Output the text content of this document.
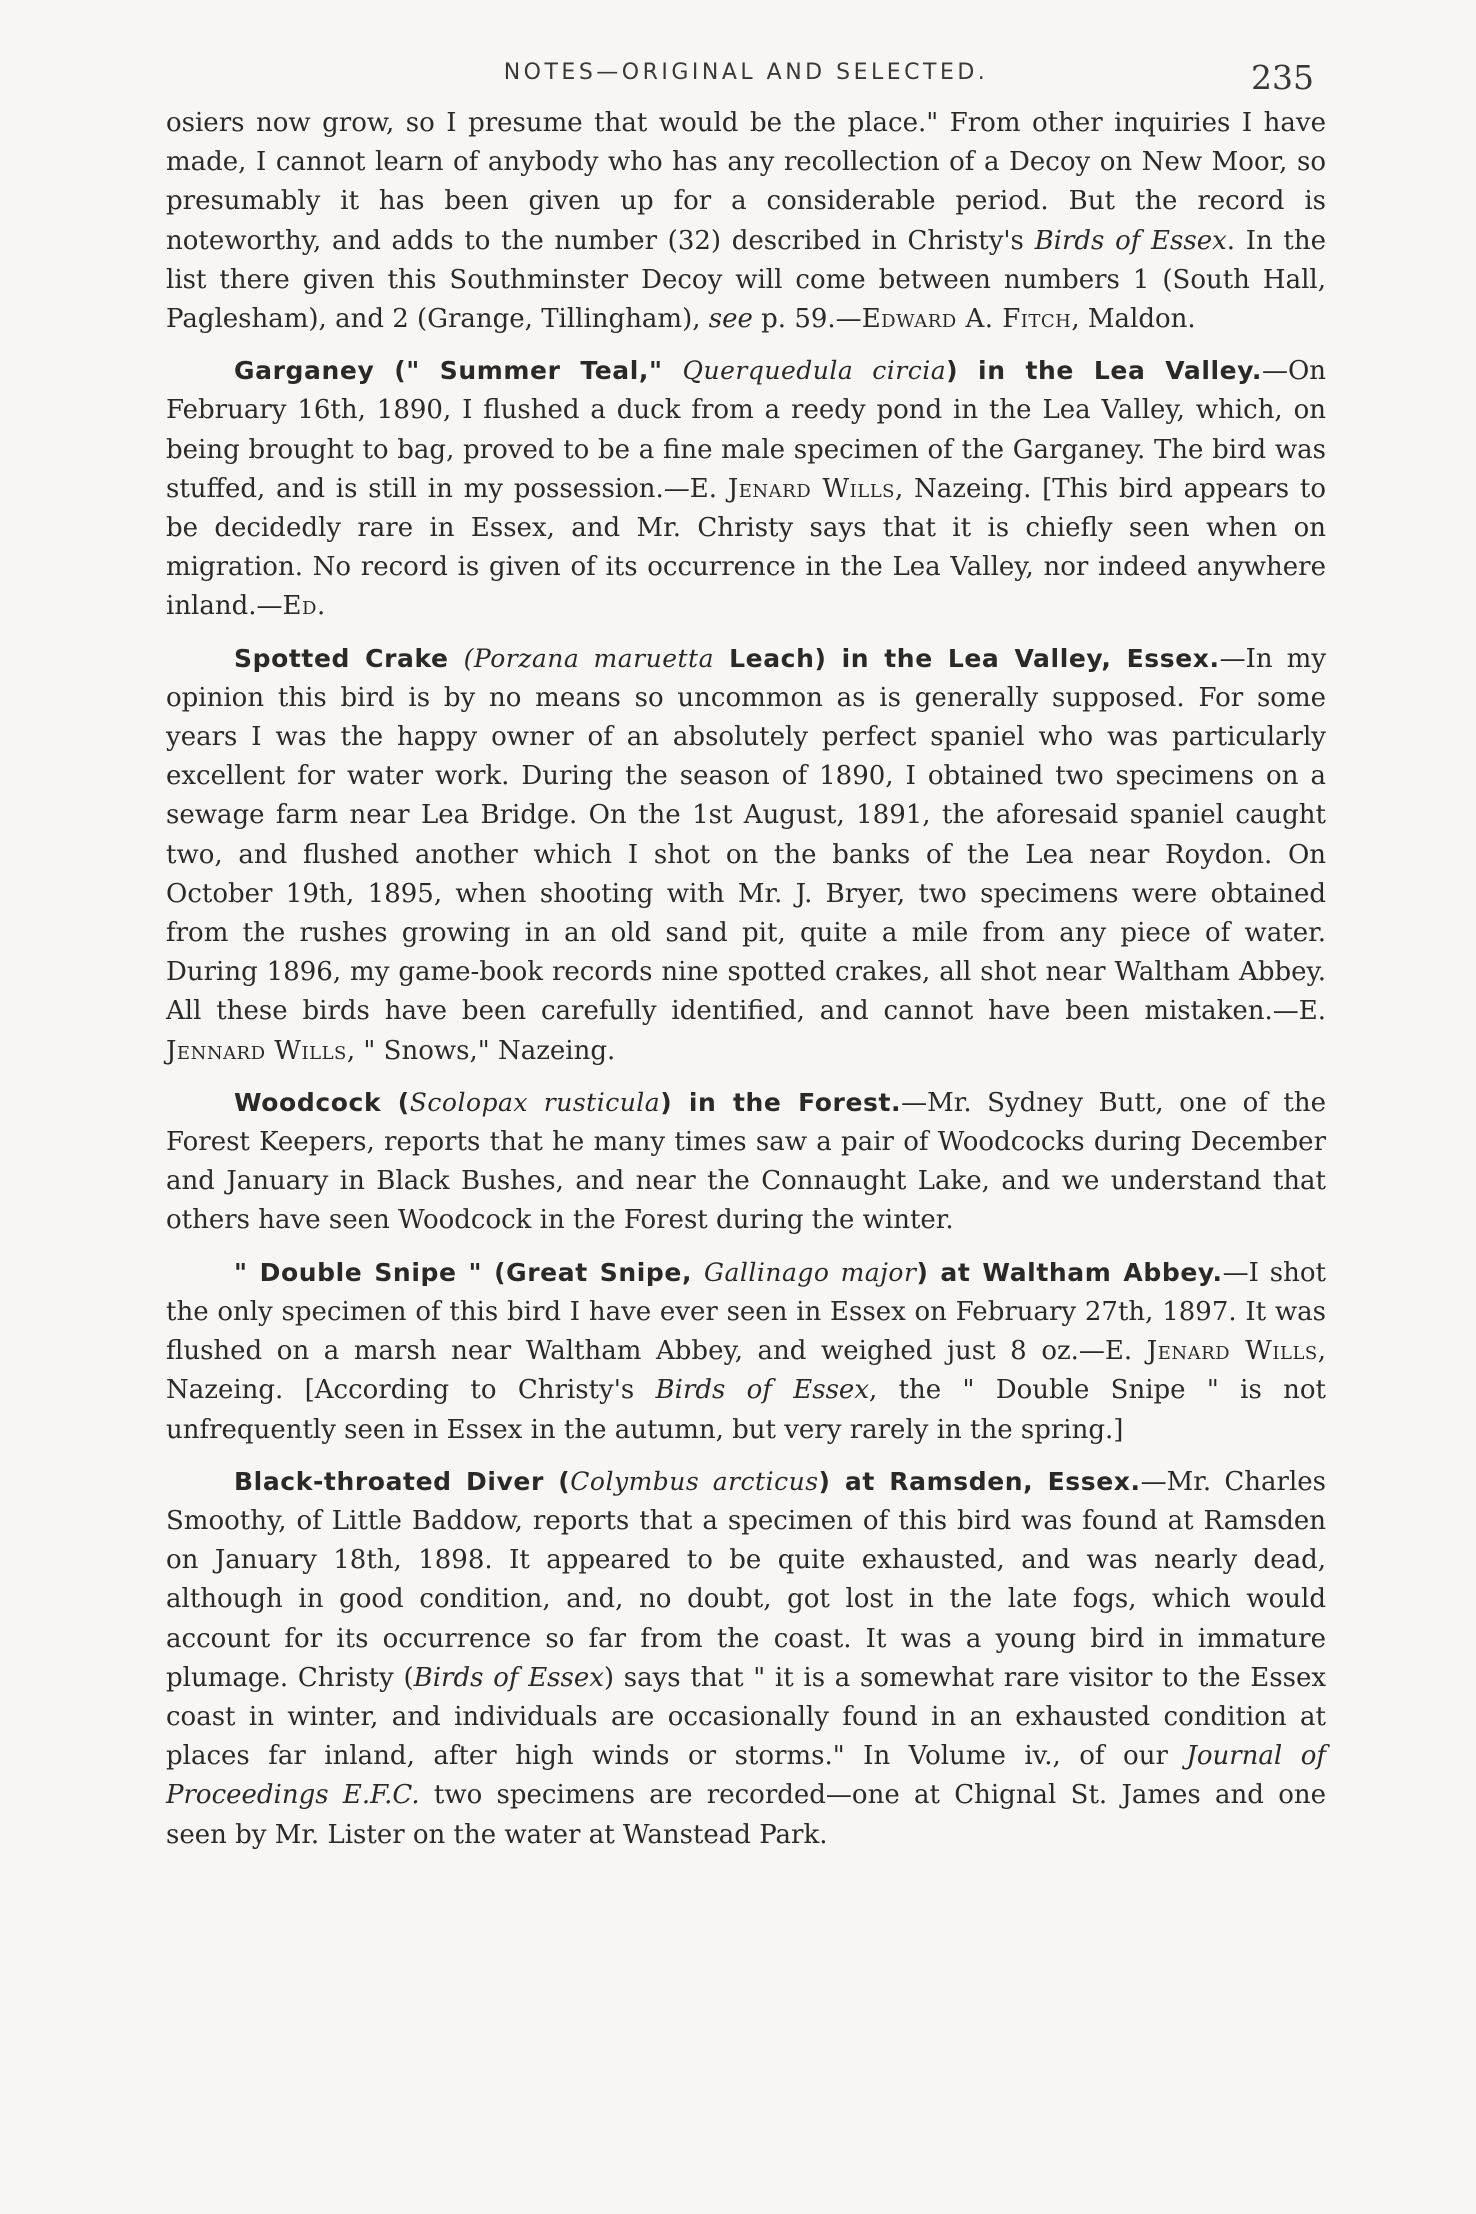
NOTES—ORIGINAL AND SELECTED.	235

osiers now grow, so I presume that would be the place." From other inquiries I have made, I cannot learn of anybody who has any recollection of a Decoy on New Moor, so presumably it has been given up for a considerable period. But the record is noteworthy, and adds to the number (32) described in Christy's Birds of Essex. In the list there given this Southminster Decoy will come between numbers 1 (South Hall, Paglesham), and 2 (Grange, Tillingham), see p. 59.—Edward A. Fitch, Maldon.

Garganey (" Summer Teal," Querquedula circia) in the Lea Valley.—On February 16th, 1890, I flushed a duck from a reedy pond in the Lea Valley, which, on being brought to bag, proved to be a fine male specimen of the Garganey. The bird was stuffed, and is still in my possession.—E. Jenard Wills, Nazeing. [This bird appears to be decidedly rare in Essex, and Mr. Christy says that it is chiefly seen when on migration. No record is given of its occurrence in the Lea Valley, nor indeed anywhere inland.—Ed.

Spotted Crake (Porzana maruetta Leach) in the Lea Valley, Essex.—In my opinion this bird is by no means so uncommon as is generally supposed. For some years I was the happy owner of an absolutely perfect spaniel who was particularly excellent for water work. During the season of 1890, I obtained two specimens on a sewage farm near Lea Bridge. On the 1st August, 1891, the aforesaid spaniel caught two, and flushed another which I shot on the banks of the Lea near Roydon. On October 19th, 1895, when shooting with Mr. J. Bryer, two specimens were obtained from the rushes growing in an old sand pit, quite a mile from any piece of water. During 1896, my game-book records nine spotted crakes, all shot near Waltham Abbey. All these birds have been carefully identified, and cannot have been mistaken.—E. Jennard Wills, " Snows," Nazeing.

Woodcock (Scolopax rusticula) in the Forest.—Mr. Sydney Butt, one of the Forest Keepers, reports that he many times saw a pair of Woodcocks during December and January in Black Bushes, and near the Connaught Lake, and we understand that others have seen Woodcock in the Forest during the winter.

" Double Snipe " (Great Snipe, Gallinago major) at Waltham Abbey.—I shot the only specimen of this bird I have ever seen in Essex on February 27th, 1897. It was flushed on a marsh near Waltham Abbey, and weighed just 8 oz.—E. Jenard Wills, Nazeing. [According to Christy's Birds of Essex, the " Double Snipe " is not unfrequently seen in Essex in the autumn, but very rarely in the spring.]

Black-throated Diver (Colymbus arcticus) at Ramsden, Essex.—Mr. Charles Smoothy, of Little Baddow, reports that a specimen of this bird was found at Ramsden on January 18th, 1898. It appeared to be quite exhausted, and was nearly dead, although in good condition, and, no doubt, got lost in the late fogs, which would account for its occurrence so far from the coast. It was a young bird in immature plumage. Christy (Birds of Essex) says that " it is a somewhat rare visitor to the Essex coast in winter, and individuals are occasionally found in an exhausted condition at places far inland, after high winds or storms." In Volume iv., of our Journal of Proceedings E.F.C. two specimens are recorded—one at Chignal St. James and one seen by Mr. Lister on the water at Wanstead Park.
